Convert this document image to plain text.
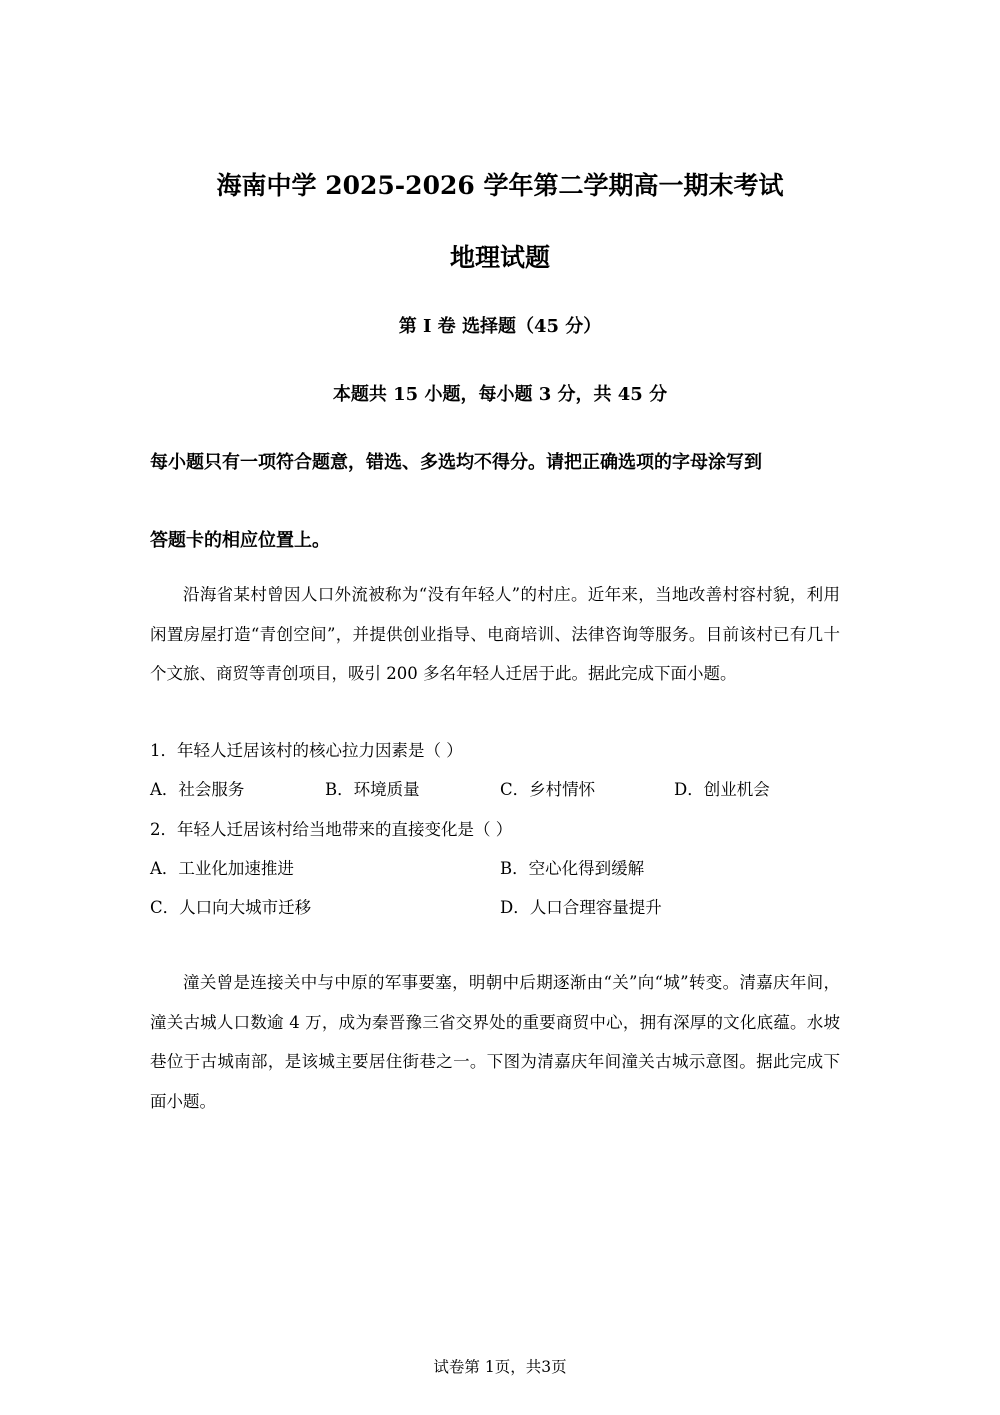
海南中学 2025-2026 学年第二学期高一期末考试
地理试题
第 Ⅰ 卷 选择题（45 分）
本题共 15 小题，每小题 3 分，共 45 分
每小题只有一项符合题意，错选、多选均不得分。请把正确选项的字母涂写到
答题卡的相应位置上。

沿海省某村曾因人口外流被称为“没有年轻人”的村庄。近年来，当地改善村容村貌，利用闲置房屋打造“青创空间”，并提供创业指导、电商培训、法律咨询等服务。目前该村已有几十个文旅、商贸等青创项目，吸引 200 多名年轻人迁居于此。据此完成下面小题。

1．年轻人迁居该村的核心拉力因素是（ ）
A．社会服务	B．环境质量	C．乡村情怀	D．创业机会
2．年轻人迁居该村给当地带来的直接变化是（ ）
A．工业化加速推进	B．空心化得到缓解
C．人口向大城市迁移	D．人口合理容量提升

潼关曾是连接关中与中原的军事要塞，明朝中后期逐渐由“关”向“城”转变。清嘉庆年间，潼关古城人口数逾 4 万，成为秦晋豫三省交界处的重要商贸中心，拥有深厚的文化底蕴。水坡巷位于古城南部，是该城主要居住街巷之一。下图为清嘉庆年间潼关古城示意图。据此完成下面小题。

试卷第 1页，共3页
